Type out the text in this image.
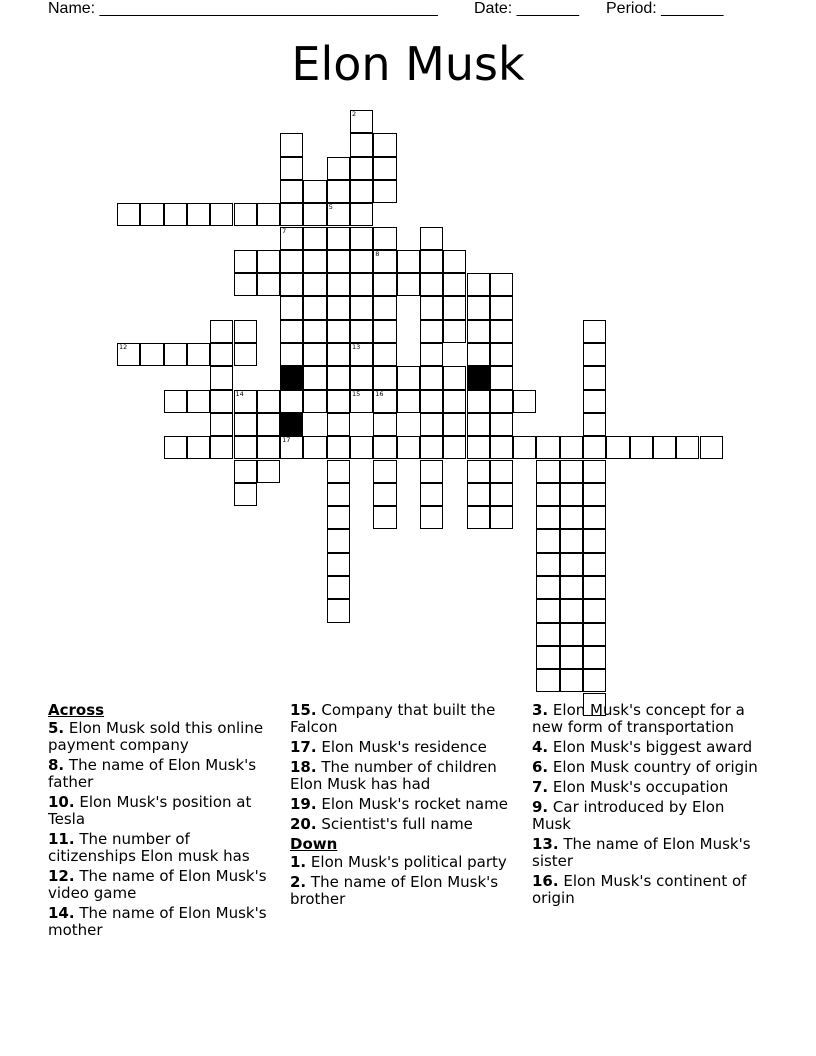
Name: ______________________________________ Date: _______ Period: _______
Elon Musk
5
12
14	15
17
8
7
2
13
16
Across
5. Elon Musk sold this online payment company
8. The name of Elon Musk's father
10. Elon Musk's position at Tesla
11. The number of citizenships Elon musk has
12. The name of Elon Musk's video game
14. The name of Elon Musk's mother
15. Company that built the Falcon
17. Elon Musk's residence
18. The number of children Elon Musk has had
19. Elon Musk's rocket name
20. Scientist's full name
Down
1. Elon Musk's political party
2. The name of Elon Musk's brother
3. Elon Musk's concept for a new form of transportation
4. Elon Musk's biggest award
6. Elon Musk country of origin
7. Elon Musk's occupation
9. Car introduced by Elon Musk
13. The name of Elon Musk's sister
16. Elon Musk's continent of origin
